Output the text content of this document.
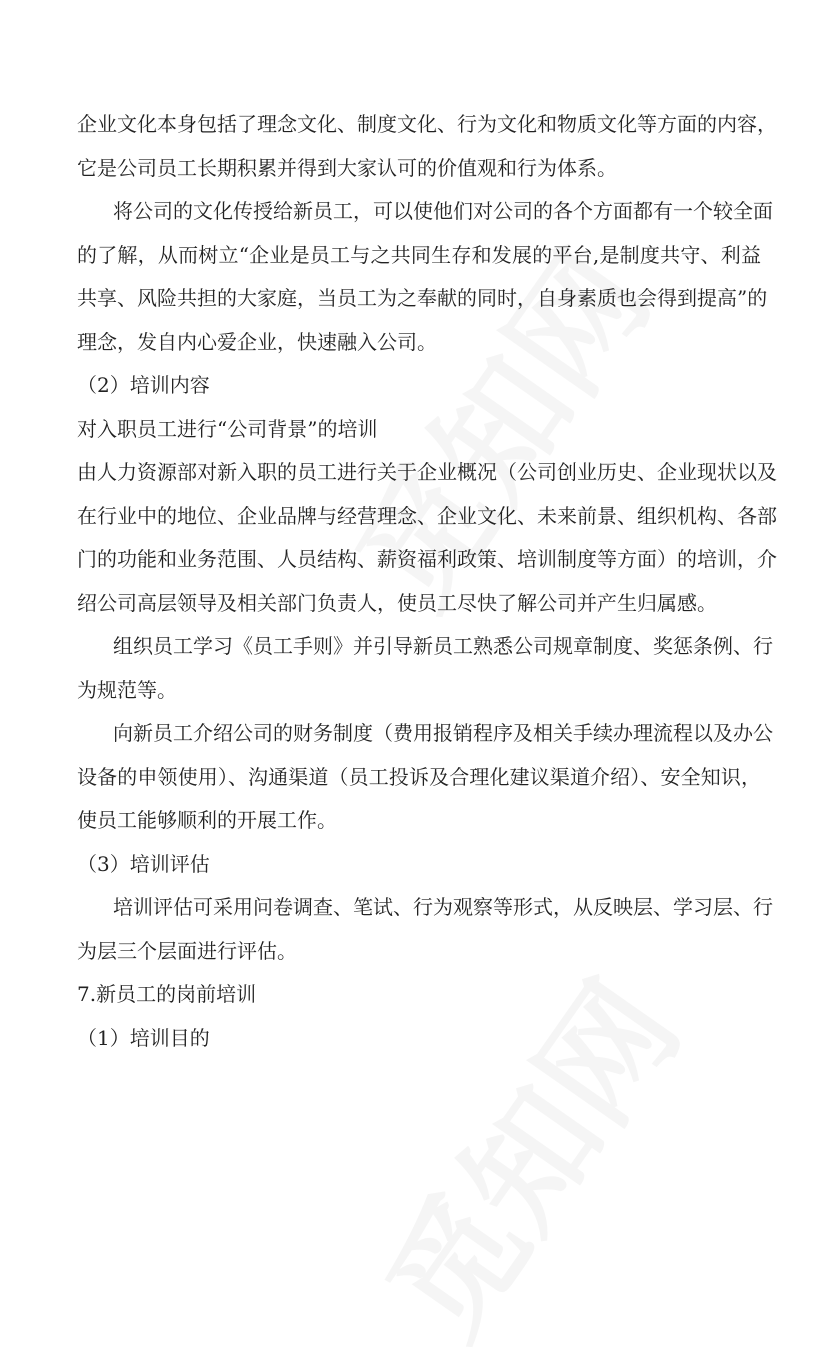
企业文化本身包括了理念文化、制度文化、行为文化和物质文化等方面的内容，
它是公司员工长期积累并得到大家认可的价值观和行为体系。
将公司的文化传授给新员工，可以使他们对公司的各个方面都有一个较全面
的了解，从而树立“企业是员工与之共同生存和发展的平台,是制度共守、利益
共享、风险共担的大家庭，当员工为之奉献的同时，自身素质也会得到提高”的
理念，发自内心爱企业，快速融入公司。
（2）培训内容
对入职员工进行“公司背景”的培训
由人力资源部对新入职的员工进行关于企业概况（公司创业历史、企业现状以及
在行业中的地位、企业品牌与经营理念、企业文化、未来前景、组织机构、各部
门的功能和业务范围、人员结构、薪资福利政策、培训制度等方面）的培训，介
绍公司高层领导及相关部门负责人，使员工尽快了解公司并产生归属感。
组织员工学习《员工手则》并引导新员工熟悉公司规章制度、奖惩条例、行
为规范等。
向新员工介绍公司的财务制度（费用报销程序及相关手续办理流程以及办公
设备的申领使用）、沟通渠道（员工投诉及合理化建议渠道介绍）、安全知识，
使员工能够顺利的开展工作。
（3）培训评估
培训评估可采用问卷调查、笔试、行为观察等形式，从反映层、学习层、行
为层三个层面进行评估。
7.新员工的岗前培训
（1）培训目的
